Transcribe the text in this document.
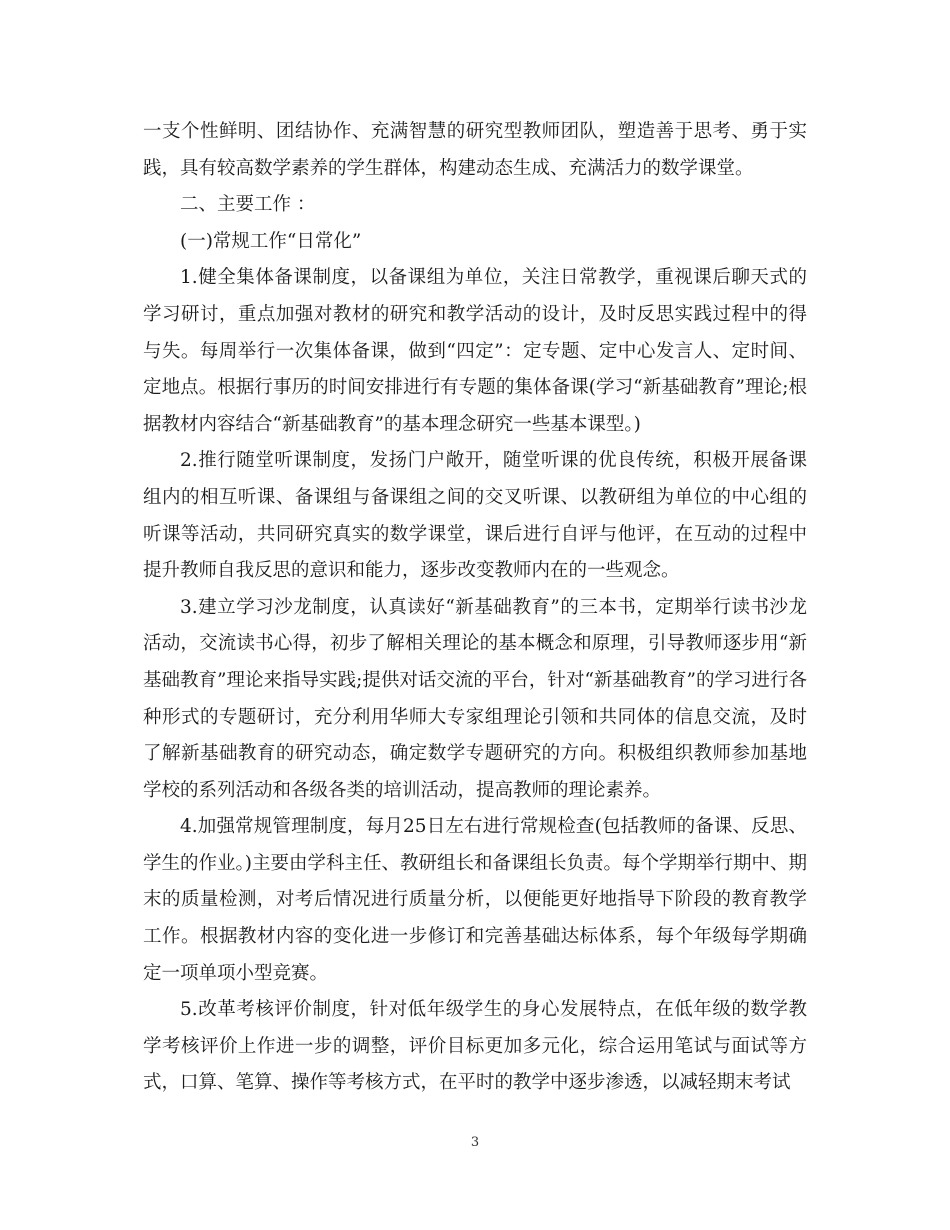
一支个性鲜明、团结协作、充满智慧的研究型教师团队，塑造善于思考、勇于实践，具有较高数学素养的学生群体，构建动态生成、充满活力的数学课堂。

二、主要工作 ：

(一)常规工作“日常化”

1.健全集体备课制度，以备课组为单位，关注日常教学，重视课后聊天式的学习研讨，重点加强对教材的研究和教学活动的设计，及时反思实践过程中的得与失。每周举行一次集体备课，做到“四定”：定专题、定中心发言人、定时间、定地点。根据行事历的时间安排进行有专题的集体备课(学习“新基础教育”理论;根据教材内容结合“新基础教育”的基本理念研究一些基本课型。)

2.推行随堂听课制度，发扬门户敞开，随堂听课的优良传统，积极开展备课组内的相互听课、备课组与备课组之间的交叉听课、以教研组为单位的中心组的听课等活动，共同研究真实的数学课堂，课后进行自评与他评，在互动的过程中提升教师自我反思的意识和能力，逐步改变教师内在的一些观念。

3.建立学习沙龙制度，认真读好“新基础教育”的三本书，定期举行读书沙龙活动，交流读书心得，初步了解相关理论的基本概念和原理，引导教师逐步用“新基础教育”理论来指导实践;提供对话交流的平台，针对“新基础教育”的学习进行各种形式的专题研讨，充分利用华师大专家组理论引领和共同体的信息交流，及时了解新基础教育的研究动态，确定数学专题研究的方向。积极组织教师参加基地学校的系列活动和各级各类的培训活动，提高教师的理论素养。

4.加强常规管理制度，每月25日左右进行常规检查(包括教师的备课、反思、学生的作业。)主要由学科主任、教研组长和备课组长负责。每个学期举行期中、期末的质量检测，对考后情况进行质量分析，以便能更好地指导下阶段的教育教学工作。根据教材内容的变化进一步修订和完善基础达标体系，每个年级每学期确定一项单项小型竞赛。

5.改革考核评价制度，针对低年级学生的身心发展特点，在低年级的数学教学考核评价上作进一步的调整，评价目标更加多元化，综合运用笔试与面试等方式，口算、笔算、操作等考核方式，在平时的教学中逐步渗透，以减轻期末考试

3
